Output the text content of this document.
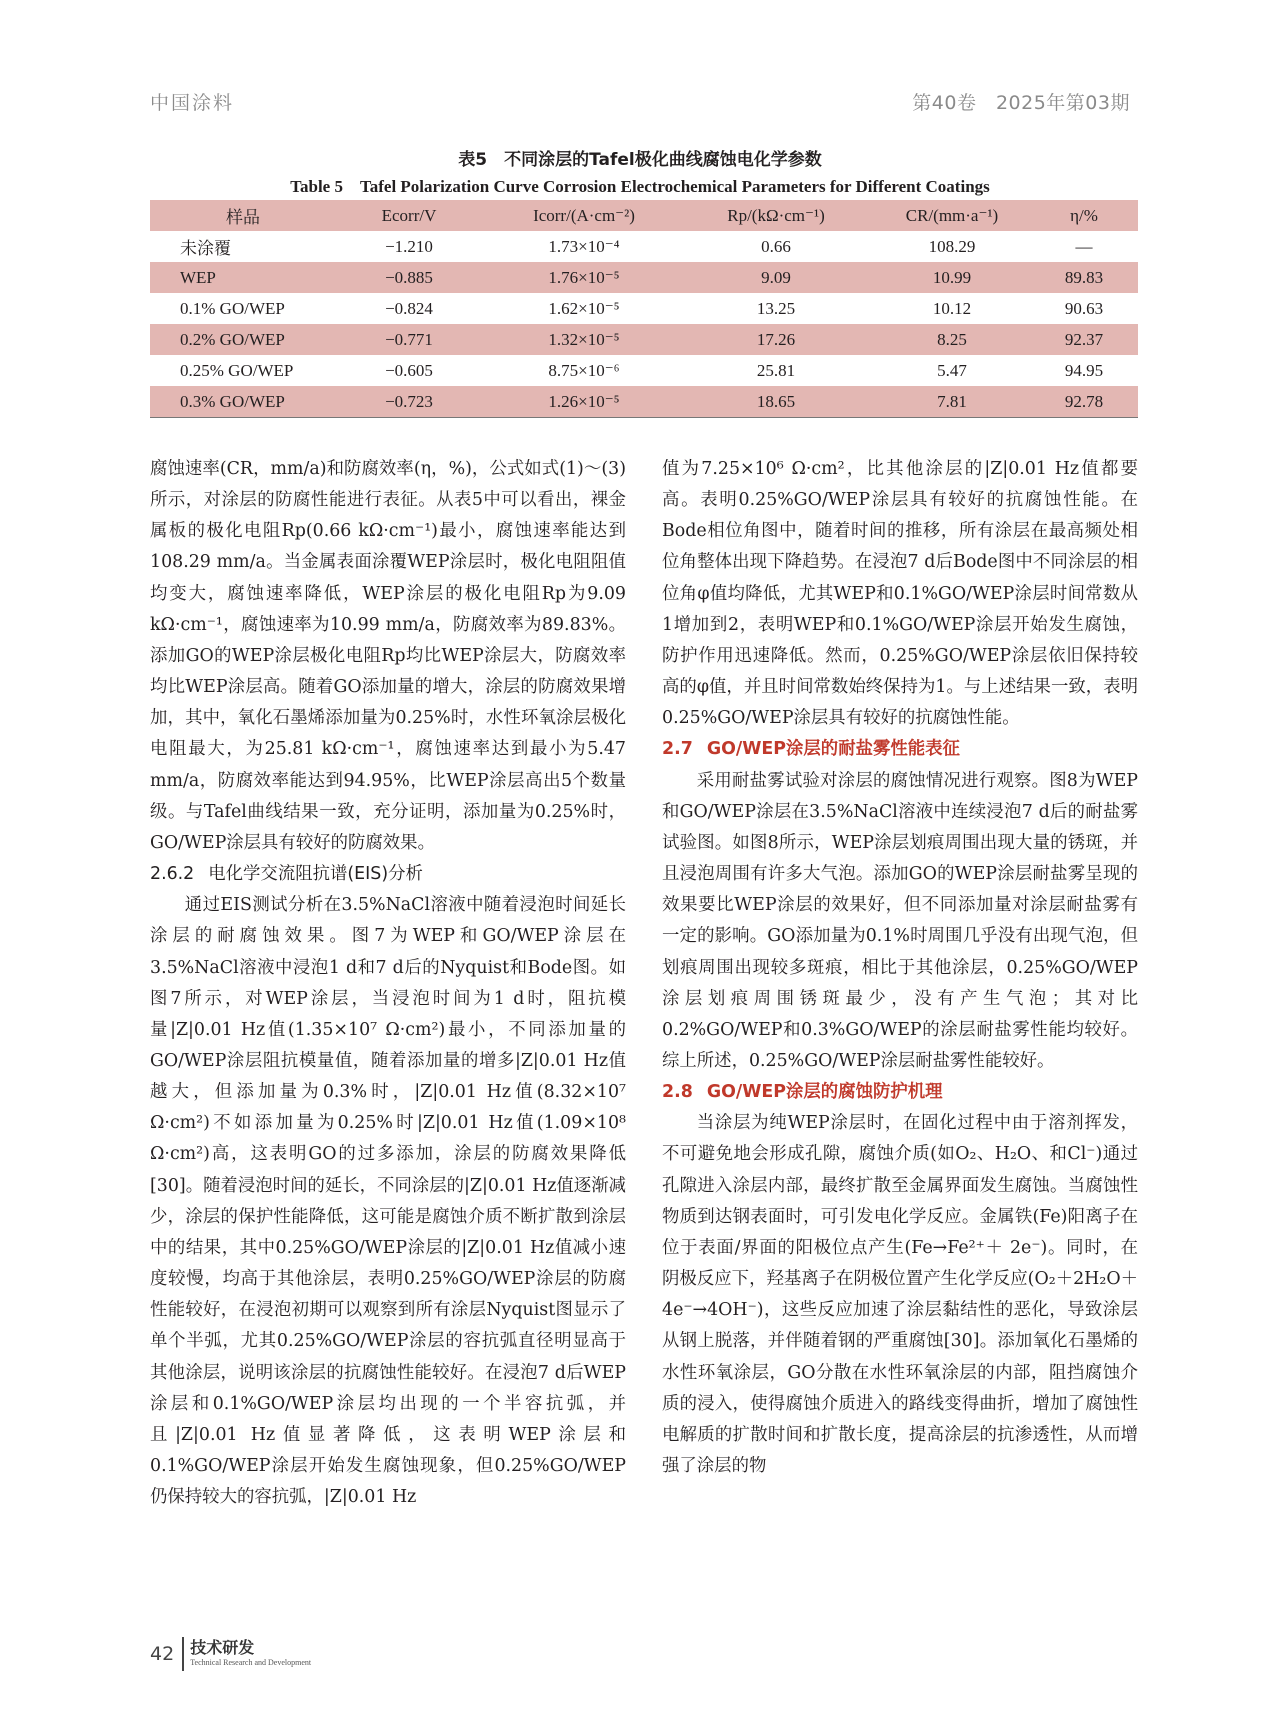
中国涂料	第40卷　2025年第03期
表5　不同涂层的Tafel极化曲线腐蚀电化学参数
Table 5　Tafel Polarization Curve Corrosion Electrochemical Parameters for Different Coatings
样品	Ecorr/V	Icorr/(A·cm⁻²)	Rp/(kΩ·cm⁻¹)	CR/(mm·a⁻¹)	η/%
未涂覆	−1.210	1.73×10⁻⁴	0.66	108.29	—
WEP	−0.885	1.76×10⁻⁵	9.09	10.99	89.83
0.1% GO/WEP	−0.824	1.62×10⁻⁵	13.25	10.12	90.63
0.2% GO/WEP	−0.771	1.32×10⁻⁵	17.26	8.25	92.37
0.25% GO/WEP	−0.605	8.75×10⁻⁶	25.81	5.47	94.95
0.3% GO/WEP	−0.723	1.26×10⁻⁵	18.65	7.81	92.78

腐蚀速率(CR，mm/a)和防腐效率(η，%)，公式如式(1)～(3)所示，对涂层的防腐性能进行表征。从表5中可以看出，裸金属板的极化电阻Rp(0.66 kΩ·cm⁻¹)最小，腐蚀速率能达到108.29 mm/a。当金属表面涂覆WEP涂层时，极化电阻阻值均变大，腐蚀速率降低，WEP涂层的极化电阻Rp为9.09 kΩ·cm⁻¹，腐蚀速率为10.99 mm/a，防腐效率为89.83%。添加GO的WEP涂层极化电阻Rp均比WEP涂层大，防腐效率均比WEP涂层高。随着GO添加量的增大，涂层的防腐效果增加，其中，氧化石墨烯添加量为0.25%时，水性环氧涂层极化电阻最大，为25.81 kΩ·cm⁻¹，腐蚀速率达到最小为5.47 mm/a，防腐效率能达到94.95%，比WEP涂层高出5个数量级。与Tafel曲线结果一致，充分证明，添加量为0.25%时，GO/WEP涂层具有较好的防腐效果。

2.6.2 电化学交流阻抗谱(EIS)分析

通过EIS测试分析在3.5%NaCl溶液中随着浸泡时间延长涂层的耐腐蚀效果。图7为WEP和GO/WEP涂层在3.5%NaCl溶液中浸泡1 d和7 d后的Nyquist和Bode图。如图7所示，对WEP涂层，当浸泡时间为1 d时，阻抗模量|Z|0.01 Hz值(1.35×10⁷ Ω·cm²)最小，不同添加量的GO/WEP涂层阻抗模量值，随着添加量的增多|Z|0.01 Hz值越大，但添加量为0.3%时，|Z|0.01 Hz值(8.32×10⁷ Ω·cm²)不如添加量为0.25%时|Z|0.01 Hz值(1.09×10⁸ Ω·cm²)高，这表明GO的过多添加，涂层的防腐效果降低[30]。随着浸泡时间的延长，不同涂层的|Z|0.01 Hz值逐渐减少，涂层的保护性能降低，这可能是腐蚀介质不断扩散到涂层中的结果，其中0.25%GO/WEP涂层的|Z|0.01 Hz值减小速度较慢，均高于其他涂层，表明0.25%GO/WEP涂层的防腐性能较好，在浸泡初期可以观察到所有涂层Nyquist图显示了单个半弧，尤其0.25%GO/WEP涂层的容抗弧直径明显高于其他涂层，说明该涂层的抗腐蚀性能较好。在浸泡7 d后WEP涂层和0.1%GO/WEP涂层均出现的一个半容抗弧，并且|Z|0.01 Hz值显著降低，这表明WEP涂层和0.1%GO/WEP涂层开始发生腐蚀现象，但0.25%GO/WEP仍保持较大的容抗弧，|Z|0.01 Hz

值为7.25×10⁶ Ω·cm²，比其他涂层的|Z|0.01 Hz值都要高。表明0.25%GO/WEP涂层具有较好的抗腐蚀性能。在Bode相位角图中，随着时间的推移，所有涂层在最高频处相位角整体出现下降趋势。在浸泡7 d后Bode图中不同涂层的相位角φ值均降低，尤其WEP和0.1%GO/WEP涂层时间常数从1增加到2，表明WEP和0.1%GO/WEP涂层开始发生腐蚀，防护作用迅速降低。然而，0.25%GO/WEP涂层依旧保持较高的φ值，并且时间常数始终保持为1。与上述结果一致，表明0.25%GO/WEP涂层具有较好的抗腐蚀性能。

2.7 GO/WEP涂层的耐盐雾性能表征

采用耐盐雾试验对涂层的腐蚀情况进行观察。图8为WEP和GO/WEP涂层在3.5%NaCl溶液中连续浸泡7 d后的耐盐雾试验图。如图8所示，WEP涂层划痕周围出现大量的锈斑，并且浸泡周围有许多大气泡。添加GO的WEP涂层耐盐雾呈现的效果要比WEP涂层的效果好，但不同添加量对涂层耐盐雾有一定的影响。GO添加量为0.1%时周围几乎没有出现气泡，但划痕周围出现较多斑痕，相比于其他涂层，0.25%GO/WEP涂层划痕周围锈斑最少，没有产生气泡；其对比0.2%GO/WEP和0.3%GO/WEP的涂层耐盐雾性能均较好。综上所述，0.25%GO/WEP涂层耐盐雾性能较好。

2.8 GO/WEP涂层的腐蚀防护机理

当涂层为纯WEP涂层时，在固化过程中由于溶剂挥发，不可避免地会形成孔隙，腐蚀介质(如O₂、H₂O、和Cl⁻)通过孔隙进入涂层内部，最终扩散至金属界面发生腐蚀。当腐蚀性物质到达钢表面时，可引发电化学反应。金属铁(Fe)阳离子在位于表面/界面的阳极位点产生(Fe→Fe²⁺＋ 2e⁻)。同时，在阴极反应下，羟基离子在阴极位置产生化学反应(O₂＋2H₂O＋4e⁻→4OH⁻)，这些反应加速了涂层黏结性的恶化，导致涂层从钢上脱落，并伴随着钢的严重腐蚀[30]。添加氧化石墨烯的水性环氧涂层，GO分散在水性环氧涂层的内部，阻挡腐蚀介质的浸入，使得腐蚀介质进入的路线变得曲折，增加了腐蚀性电解质的扩散时间和扩散长度，提高涂层的抗渗透性，从而增强了涂层的物

42 技术研发
Technical Research and Development
